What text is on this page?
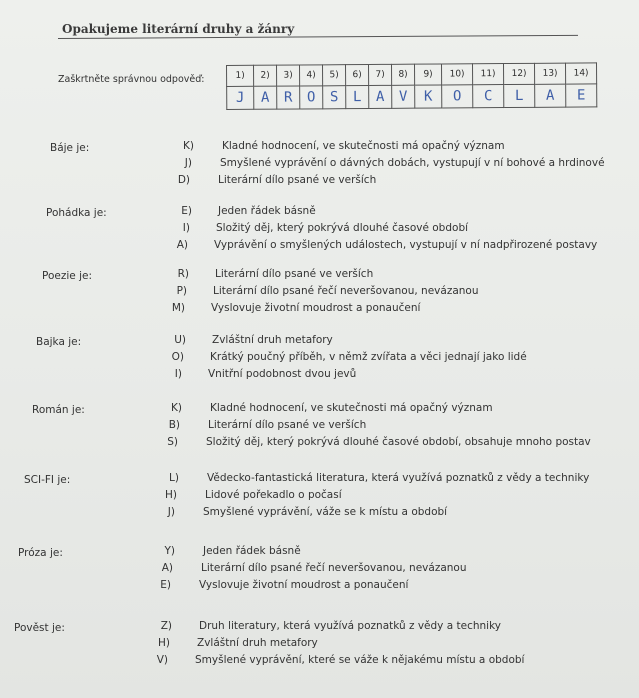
Opakujeme literární druhy a žánry
Zaškrtněte správnou odpověď:	1)	2)	3)	4)	5)	6)	7)	8)	9)	10)	11)	12)	13)	14)
J	A	R	O	S	L	A	V	K	O	C	L	A	E
Báje je:	K)	Kladné hodnocení, ve skutečnosti má opačný význam
J)	Smyšlené vyprávění o dávných dobách, vystupují v ní bohové a hrdinové
D)	Literární dílo psané ve verších
Pohádka je:	E) Jeden řádek básně
I) Složitý děj, který pokrývá dlouhé časové období
A) Vyprávění o smyšlených událostech, vystupují v ní nadpřirozené postavy
Poezie je:	R) Literární dílo psané ve verších
P) Literární dílo psané řečí neveršovanou, nevázanou
M) Vyslovuje životní moudrost a ponaučení
Bajka je:	U) Zvláštní druh metafory
O) Krátký poučný příběh, v němž zvířata a věci jednají jako lidé
I) Vnitřní podobnost dvou jevů
Román je:	K)	Kladné hodnocení, ve skutečnosti má opačný význam
B)	Literární dílo psané ve verších
S)	Složitý děj, který pokrývá dlouhé časové období, obsahuje mnoho postav
SCI-FI je:	L)	Vědecko-fantastická literatura, která využívá poznatků z vědy a techniky
H)	Lidové pořekadlo o počasí
J)	Smyšlené vyprávění, váže se k místu a období
Próza je:	Y)	Jeden řádek básně
A)	Literární dílo psané řečí neveršovanou, nevázanou
E)	Vyslovuje životní moudrost a ponaučení
Pověst je:	Z)	Druh literatury, která využívá poznatků z vědy a techniky
H)	Zvláštní druh metafory
V)	Smyšlené vyprávění, které se váže k nějakému místu a období
